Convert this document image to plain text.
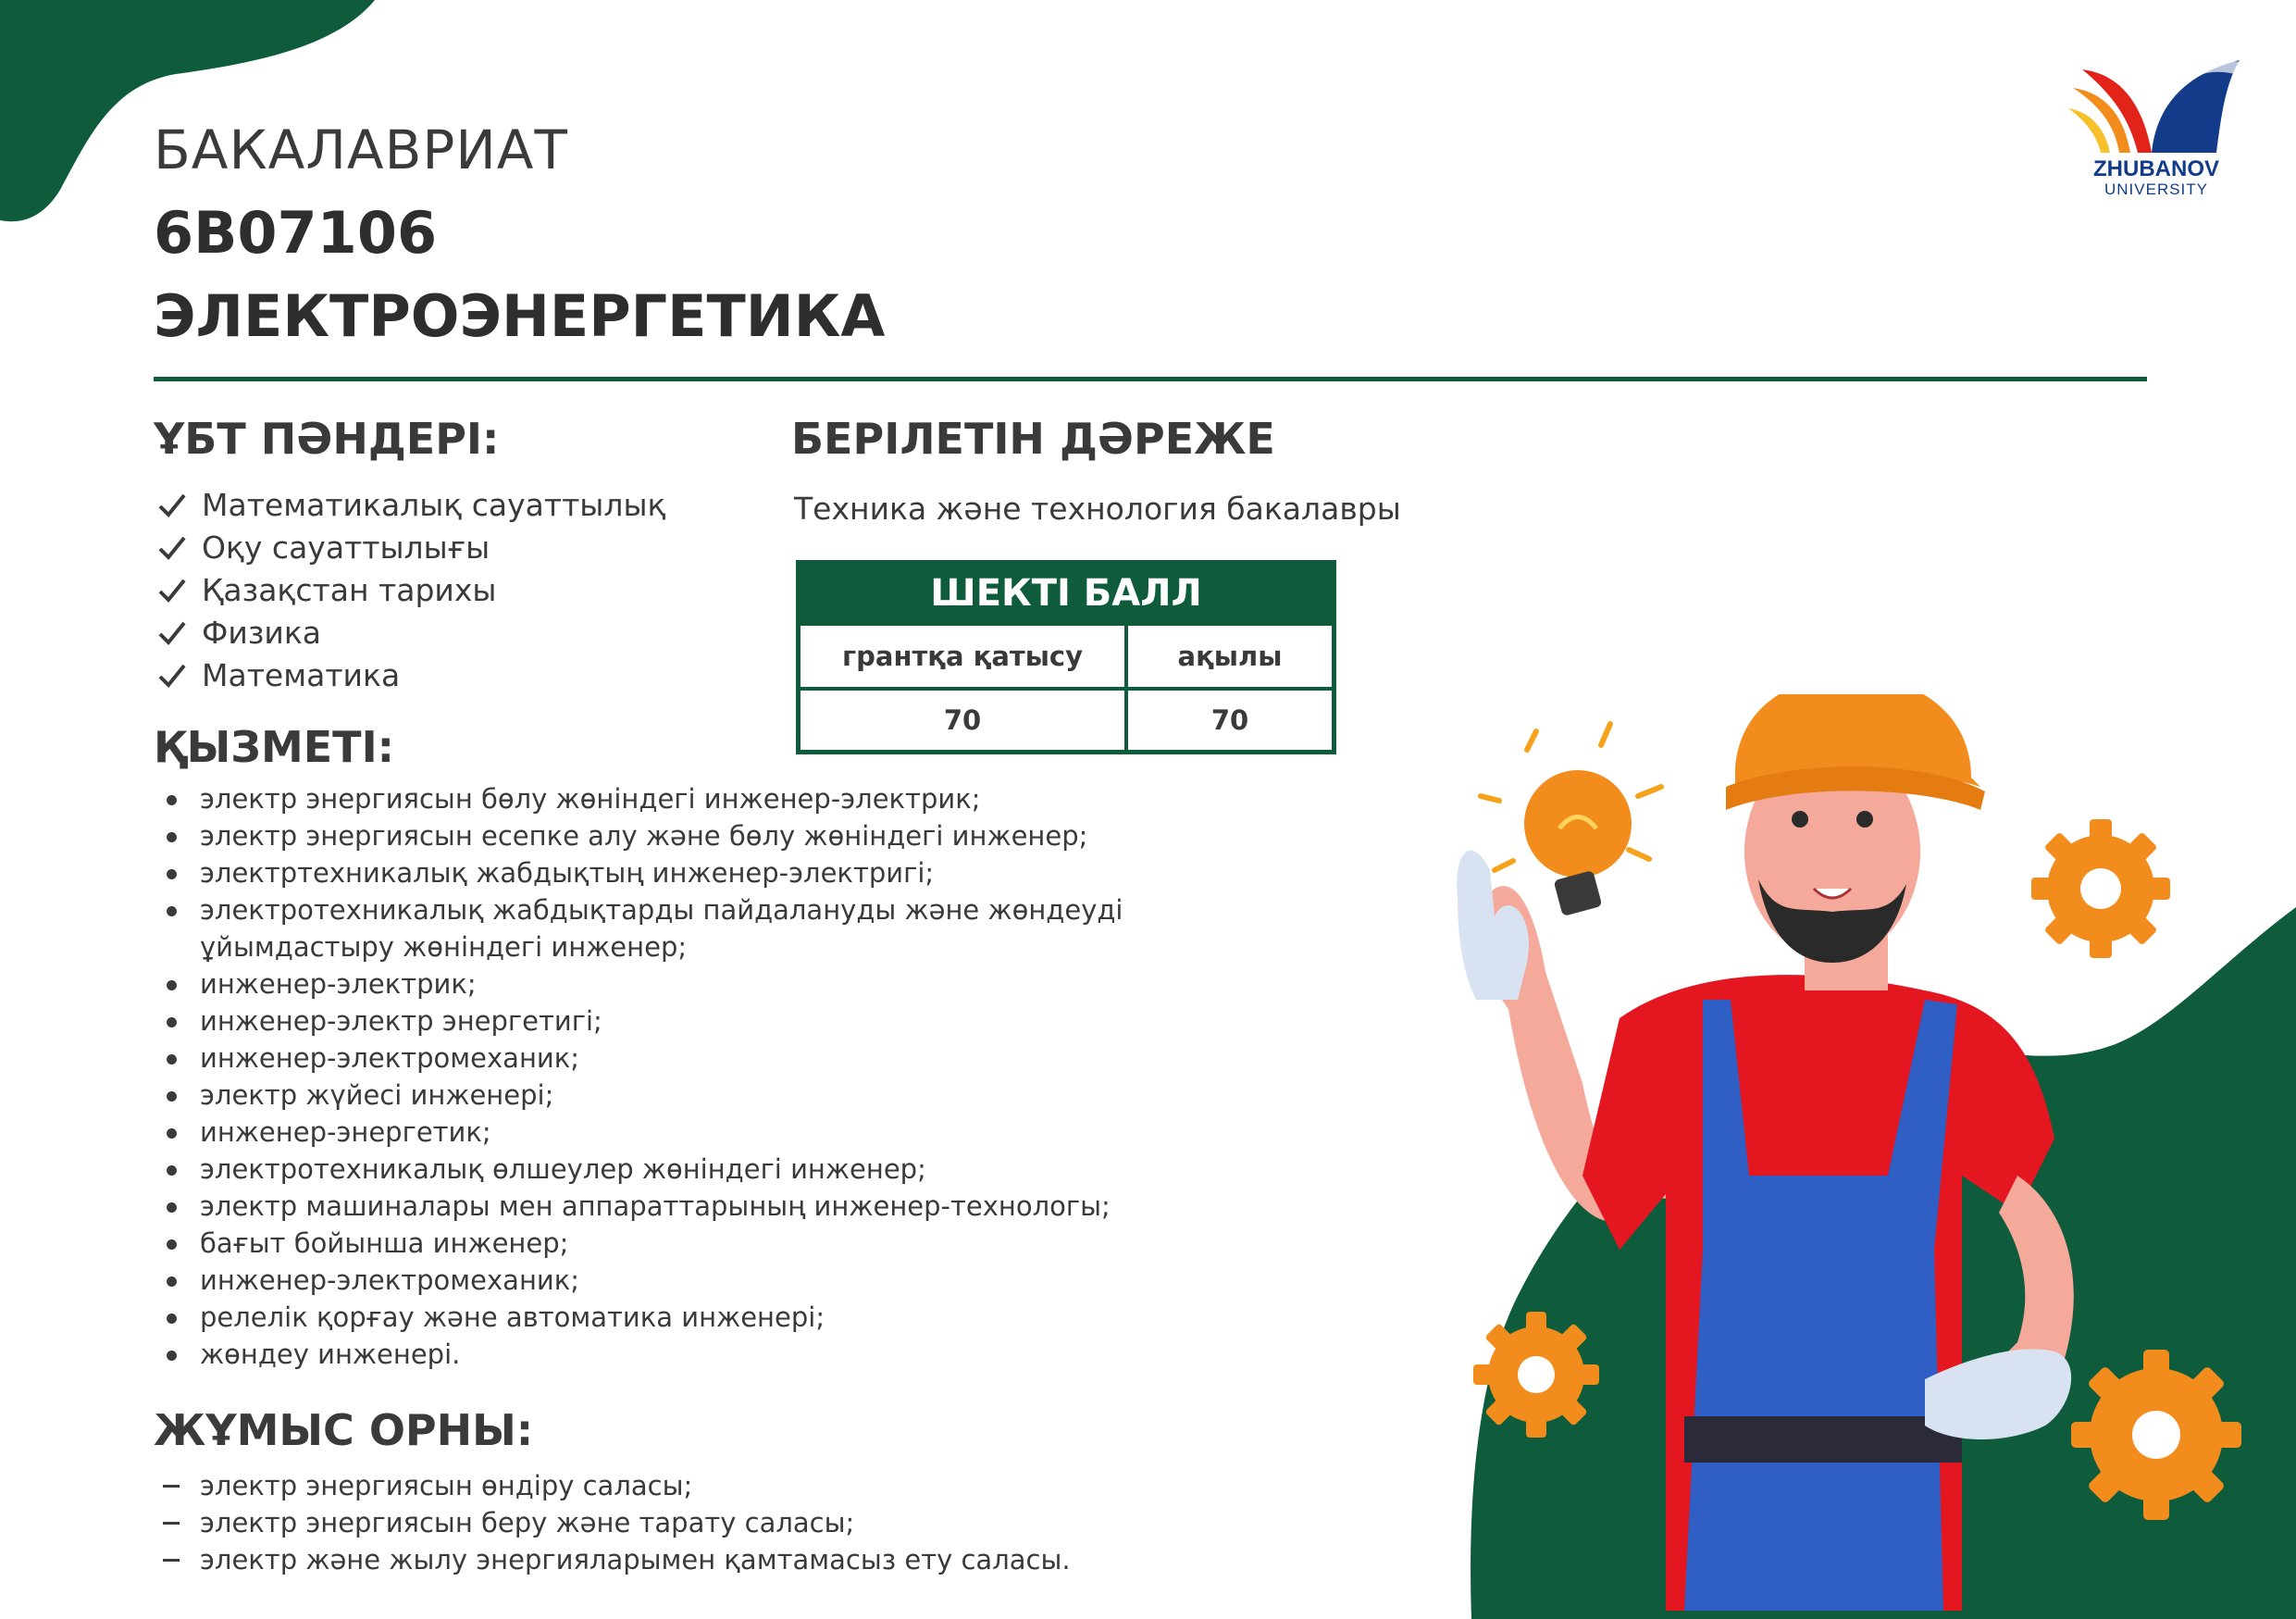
БАКАЛАВРИАТ
6B07106
ЭЛЕКТРОЭНЕРГЕТИКА
ZHUBANOV
UNIVERSITY
ҰБТ ПӘНДЕРІ:
Математикалық сауаттылық
Оқу сауаттылығы
Қазақстан тарихы
Физика
Математика
БЕРІЛЕТІН ДӘРЕЖЕ
Техника және технология бакалавры
ШЕКТІ БАЛЛ
грантқа қатысу	ақылы
70	70
ҚЫЗМЕТІ:
электр энергиясын бөлу жөніндегі инженер-электрик;
электр энергиясын есепке алу және бөлу жөніндегі инженер;
электртехникалық жабдықтың инженер-электригі;
электротехникалық жабдықтарды пайдалануды және жөндеуді ұйымдастыру жөніндегі инженер;
инженер-электрик;
инженер-электр энергетигі;
инженер-электромеханик;
электр жүйесі инженері;
инженер-энергетик;
электротехникалық өлшеулер жөніндегі инженер;
электр машиналары мен аппараттарының инженер-технологы;
бағыт бойынша инженер;
инженер-электромеханик;
релелік қорғау және автоматика инженері;
жөндеу инженері.
ЖҰМЫС ОРНЫ:
электр энергиясын өндіру саласы;
электр энергиясын беру және тарату саласы;
электр және жылу энергияларымен қамтамасыз ету саласы.
